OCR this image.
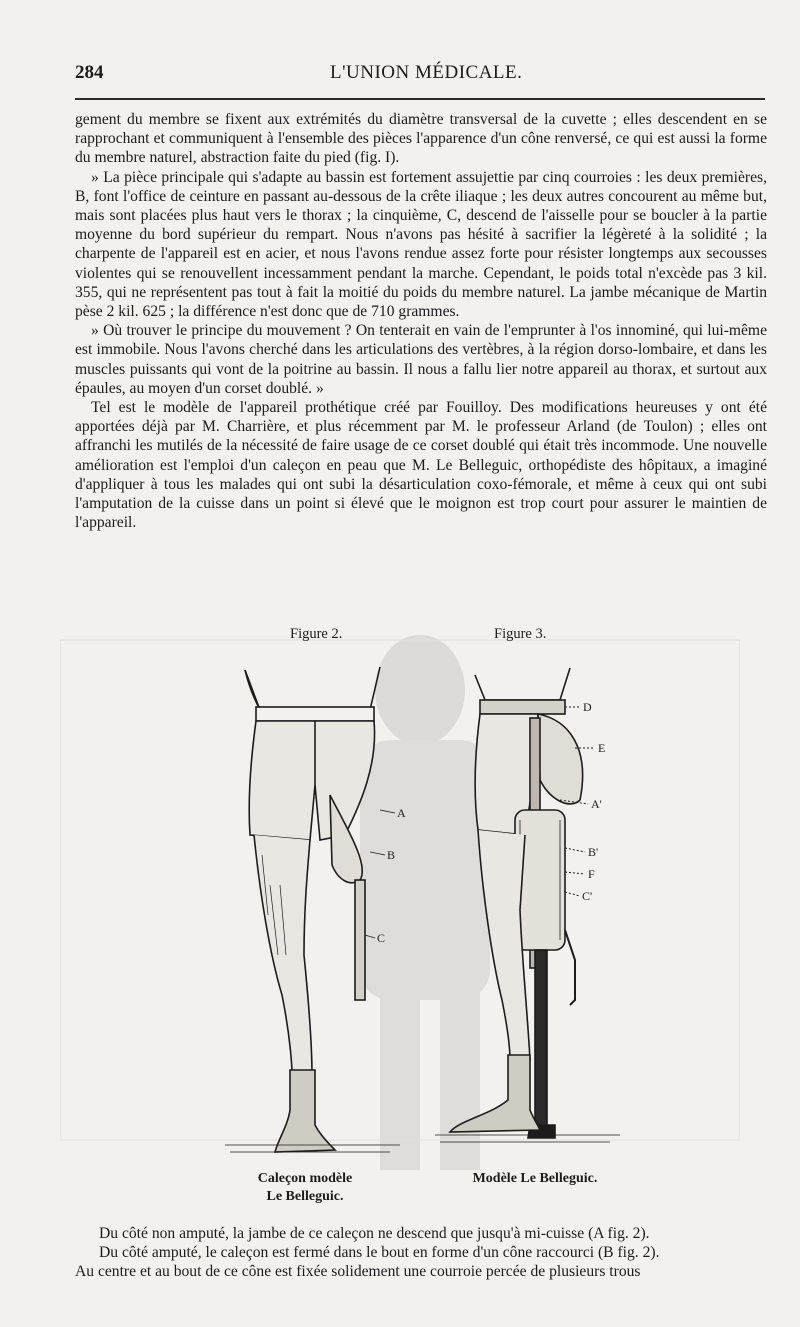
284	L'UNION MÉDICALE.

gement du membre se fixent aux extrémités du diamètre transversal de la cuvette ; elles descendent en se rapprochant et communiquent à l'ensemble des pièces l'apparence d'un cône renversé, ce qui est aussi la forme du membre naturel, abstraction faite du pied (fig. I).

» La pièce principale qui s'adapte au bassin est fortement assujettie par cinq courroies : les deux premières, B, font l'office de ceinture en passant au-dessous de la crête iliaque ; les deux autres concourent au même but, mais sont placées plus haut vers le thorax ; la cinquième, C, descend de l'aisselle pour se boucler à la partie moyenne du bord supérieur du rempart. Nous n'avons pas hésité à sacrifier la légèreté à la solidité ; la charpente de l'appareil est en acier, et nous l'avons rendue assez forte pour résister longtemps aux secousses violentes qui se renouvellent incessamment pendant la marche. Cependant, le poids total n'excède pas 3 kil. 355, qui ne représentent pas tout à fait la moitié du poids du membre naturel. La jambe mécanique de Martin pèse 2 kil. 625 ; la différence n'est donc que de 710 grammes.

» Où trouver le principe du mouvement ? On tenterait en vain de l'emprunter à l'os innominé, qui lui-même est immobile. Nous l'avons cherché dans les articulations des vertèbres, à la région dorso-lombaire, et dans les muscles puissants qui vont de la poitrine au bassin. Il nous a fallu lier notre appareil au thorax, et surtout aux épaules, au moyen d'un corset doublé. »

Tel est le modèle de l'appareil prothétique créé par Fouilloy. Des modifications heureuses y ont été apportées déjà par M. Charrière, et plus récemment par M. le professeur Arland (de Toulon) ; elles ont affranchi les mutilés de la nécessité de faire usage de ce corset doublé qui était très incommode. Une nouvelle amélioration est l'emploi d'un caleçon en peau que M. Le Belleguic, orthopédiste des hôpitaux, a imaginé d'appliquer à tous les malades qui ont subi la désarticulation coxo-fémorale, et même à ceux qui ont subi l'amputation de la cuisse dans un point si élevé que le moignon est trop court pour assurer le maintien de l'appareil.

Figure 2.	Figure 3.
A
B
C
D
E
A'
B'
F
C'
Caleçon modèle
Le Belleguic.
Modèle Le Belleguic.

Du côté non amputé, la jambe de ce caleçon ne descend que jusqu'à mi-cuisse (A fig. 2).

Du côté amputé, le caleçon est fermé dans le bout en forme d'un cône raccourci (B fig. 2).

Au centre et au bout de ce cône est fixée solidement une courroie percée de plusieurs trous
